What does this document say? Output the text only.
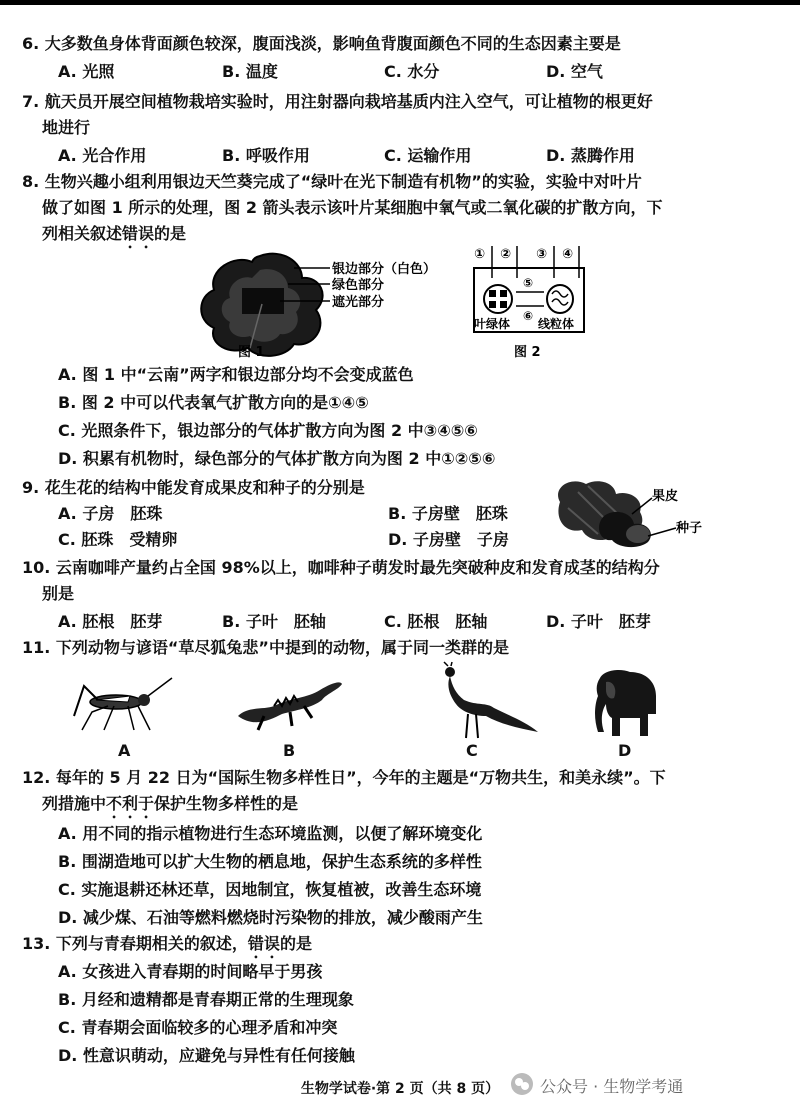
6. 大多数鱼身体背面颜色较深，腹面浅淡，影响鱼背腹面颜色不同的生态因素主要是
A. 光照	B. 温度	C. 水分	D. 空气
7. 航天员开展空间植物栽培实验时，用注射器向栽培基质内注入空气，可让植物的根更好
地进行
A. 光合作用	B. 呼吸作用	C. 运输作用	D. 蒸腾作用
8. 生物兴趣小组利用银边天竺葵完成了“绿叶在光下制造有机物”的实验，实验中对叶片
做了如图 1 所示的处理，图 2 箭头表示该叶片某细胞中氧气或二氧化碳的扩散方向，下
列相关叙述错误的是
银边部分（白色）
绿色部分
遮光部分
图 1
① ② ③ ④
⑤
⑥
叶绿体 线粒体
图 2
A. 图 1 中“云南”两字和银边部分均不会变成蓝色
B. 图 2 中可以代表氧气扩散方向的是①④⑤
C. 光照条件下，银边部分的气体扩散方向为图 2 中③④⑤⑥
D. 积累有机物时，绿色部分的气体扩散方向为图 2 中①②⑤⑥
9. 花生花的结构中能发育成果皮和种子的分别是
A. 子房　胚珠	B. 子房壁　胚珠
C. 胚珠　受精卵	D. 子房壁　子房
果皮
种子
10. 云南咖啡产量约占全国 98%以上，咖啡种子萌发时最先突破种皮和发育成茎的结构分
别是
A. 胚根　胚芽	B. 子叶　胚轴	C. 胚根　胚轴	D. 子叶　胚芽
11. 下列动物与谚语“草尽狐兔悲”中提到的动物，属于同一类群的是
A	B	C	D
12. 每年的 5 月 22 日为“国际生物多样性日”，今年的主题是“万物共生，和美永续”。下
列措施中不利于保护生物多样性的是
A. 用不同的指示植物进行生态环境监测，以便了解环境变化
B. 围湖造地可以扩大生物的栖息地，保护生态系统的多样性
C. 实施退耕还林还草，因地制宜，恢复植被，改善生态环境
D. 减少煤、石油等燃料燃烧时污染物的排放，减少酸雨产生
13. 下列与青春期相关的叙述，错误的是
A. 女孩进入青春期的时间略早于男孩
B. 月经和遗精都是青春期正常的生理现象
C. 青春期会面临较多的心理矛盾和冲突
D. 性意识萌动，应避免与异性有任何接触
生物学试卷·第 2 页（共 8 页）	公众号 · 生物学考通
